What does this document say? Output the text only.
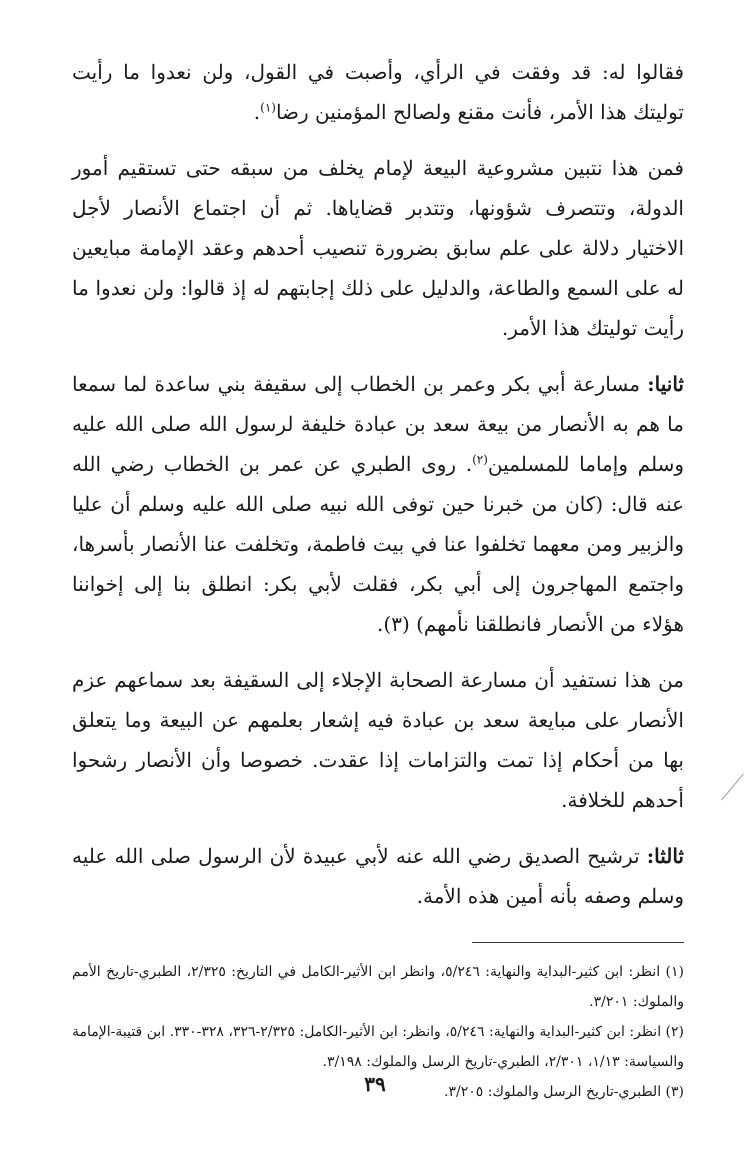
فقالوا له: قد وفقت في الرأي، وأصبت في القول، ولن نعدوا ما رأيت توليتك هذا الأمر، فأنت مقنع ولصالح المؤمنين رضا$^{(١)}$.

فمن هذا نتبين مشروعية البيعة لإمام يخلف من سبقه حتى تستقيم أمور الدولة، وتتصرف شؤونها، وتتدبر قضاياها. ثم أن اجتماع الأنصار لأجل الاختيار دلالة على علم سابق بضرورة تنصيب أحدهم وعقد الإمامة مبايعين له على السمع والطاعة، والدليل على ذلك إجابتهم له إذ قالوا: ولن نعدوا ما رأيت توليتك هذا الأمر.

ثانيا: مسارعة أبي بكر وعمر بن الخطاب إلى سقيفة بني ساعدة لما سمعا ما هم به الأنصار من بيعة سعد بن عبادة خليفة لرسول الله صلى الله عليه وسلم وإماما للمسلمين$^{(٢)}$. روى الطبري عن عمر بن الخطاب رضي الله عنه قال: (كان من خبرنا حين توفى الله نبيه صلى الله عليه وسلم أن عليا والزبير ومن معهما تخلفوا عنا في بيت فاطمة، وتخلفت عنا الأنصار بأسرها، واجتمع المهاجرون إلى أبي بكر، فقلت لأبي بكر: انطلق بنا إلى إخواننا هؤلاء من الأنصار فانطلقنا نأمهم) (٣).

من هذا نستفيد أن مسارعة الصحابة الإجلاء إلى السقيفة بعد سماعهم عزم الأنصار على مبايعة سعد بن عبادة فيه إشعار بعلمهم عن البيعة وما يتعلق بها من أحكام إذا تمت والتزامات إذا عقدت. خصوصا وأن الأنصار رشحوا أحدهم للخلافة.

ثالثا: ترشيح الصديق رضي الله عنه لأبي عبيدة لأن الرسول صلى الله عليه وسلم وصفه بأنه أمين هذه الأمة.

(١) انظر: ابن كثير-البداية والنهاية: ٥/٢٤٦، وانظر ابن الأثير-الكامل في التاريخ: ٢/٣٢٥، الطبري-تاريخ الأمم والملوك: ٣/٢٠١.

(٢) انظر: ابن كثير-البداية والنهاية: ٥/٢٤٦، وانظر: ابن الأثير-الكامل: ٢/٣٢٥-٣٢٦، ٣٢٨-٣٣٠. ابن قتيبة-الإمامة والسياسة: ١/١٣، ٢/٣٠١، الطبري-تاريخ الرسل والملوك: ٣/١٩٨.

(٣) الطبري-تاريخ الرسل والملوك: ٣/٢٠٥.

٣٩
